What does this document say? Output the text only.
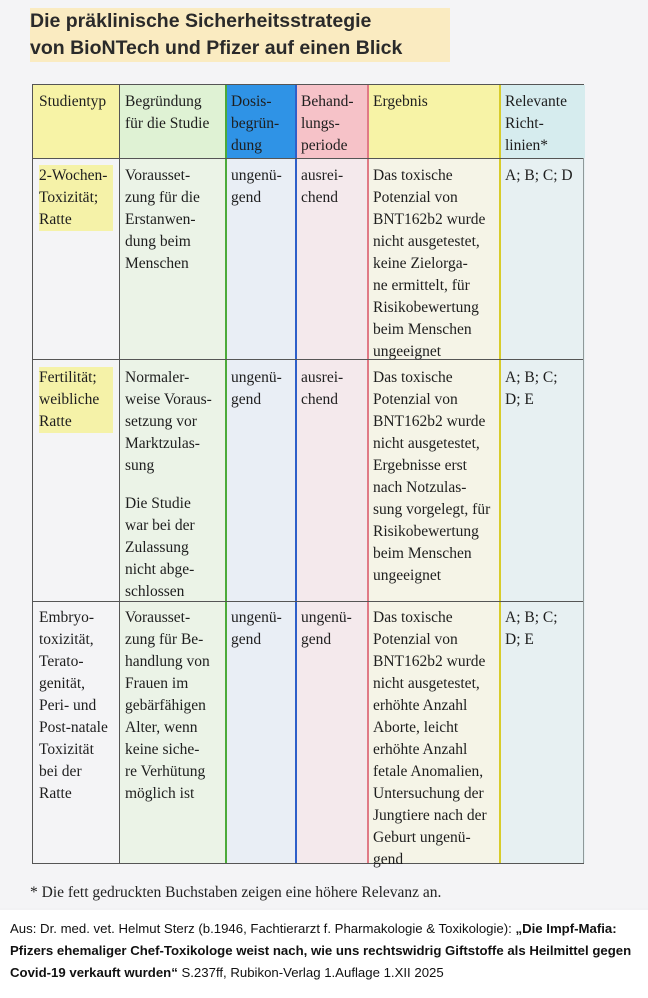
Die präklinische Sicherheitsstrategie
von BioNTech und Pfizer auf einen Blick
Studientyp	Begründung
für die Studie
Dosis-
begrün-
dung
Behand-
lungs-
periode
Ergebnis	Relevante
Richt-
linien*
2-Wochen-
Toxizität;
Ratte
Vorausset-
zung für die
Erstanwen-
dung beim
Menschen
ungenü-
gend
ausrei-
chend
Das toxische
Potenzial von
BNT162b2 wurde
nicht ausgetestet,
keine Zielorga-
ne ermittelt, für
Risikobewertung
beim Menschen
ungeeignet
A; B; C; D
Fertilität;
weibliche
Ratte
Normaler-
weise Voraus-
setzung vor
Marktzulas-
sung
Die Studie
war bei der
Zulassung
nicht abge-
schlossen
ungenü-
gend
ausrei-
chend
Das toxische
Potenzial von
BNT162b2 wurde
nicht ausgetestet,
Ergebnisse erst
nach Notzulas-
sung vorgelegt, für
Risikobewertung
beim Menschen
ungeeignet
A; B; C;
D; E
Embryo-
toxizität,
Terato-
genität,
Peri- und
Post-natale
Toxizität
bei der
Ratte
Vorausset-
zung für Be-
handlung von
Frauen im
gebärfähigen
Alter, wenn
keine siche-
re Verhütung
möglich ist
ungenü-
gend
ungenü-
gend
Das toxische
Potenzial von
BNT162b2 wurde
nicht ausgetestet,
erhöhte Anzahl
Aborte, leicht
erhöhte Anzahl
fetale Anomalien,
Untersuchung der
Jungtiere nach der
Geburt ungenü-
gend
A; B; C;
D; E
* Die fett gedruckten Buchstaben zeigen eine höhere Relevanz an.
Aus: Dr. med. vet. Helmut Sterz (b.1946, Fachtierarzt f. Pharmakologie & Toxikologie): „Die Impf-Mafia: Pfizers ehemaliger Chef-Toxikologe weist nach, wie uns rechtswidrig Giftstoffe als Heilmittel gegen Covid-19 verkauft wurden“ S.237ff, Rubikon-Verlag 1.Auflage 1.XII 2025
